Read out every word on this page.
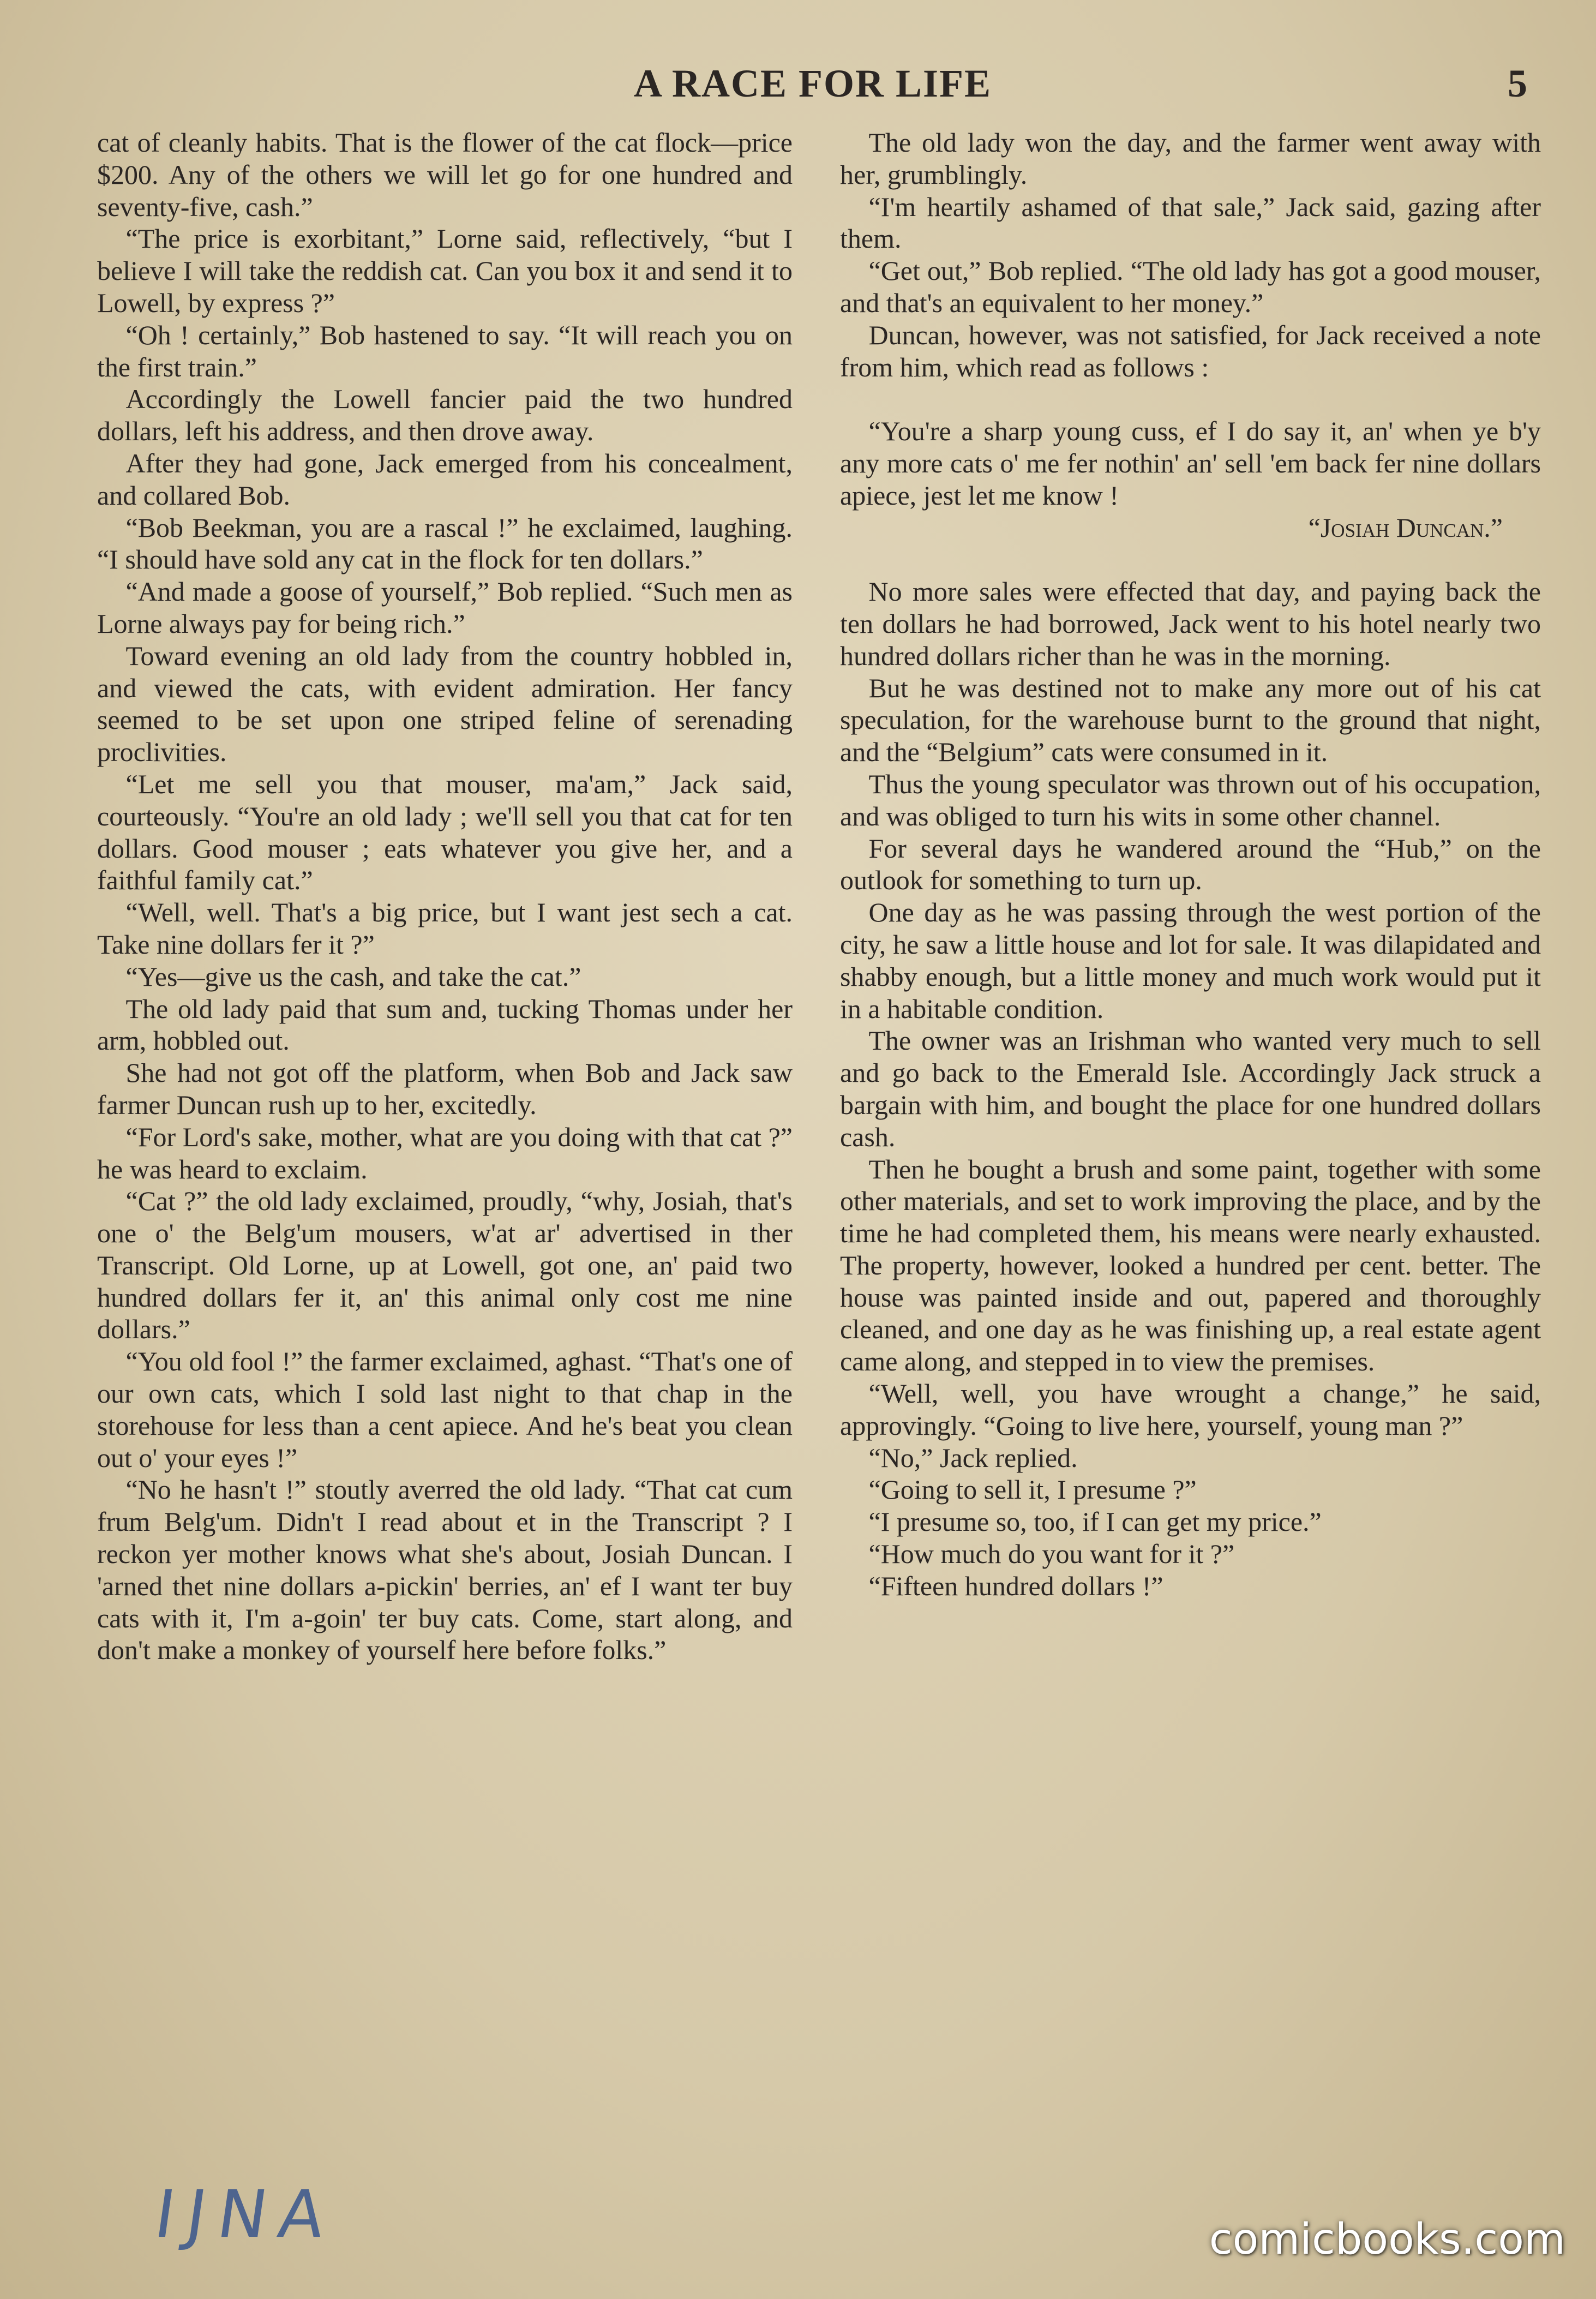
A RACE FOR LIFE	5

cat of cleanly habits. That is the flower of the cat flock—price $200. Any of the others we will let go for one hundred and seventy-five, cash.”

“The price is exorbitant,” Lorne said, reflectively, “but I believe I will take the reddish cat. Can you box it and send it to Lowell, by express ?”

“Oh ! certainly,” Bob hastened to say. “It will reach you on the first train.”

Accordingly the Lowell fancier paid the two hundred dollars, left his address, and then drove away.

After they had gone, Jack emerged from his concealment, and collared Bob.

“Bob Beekman, you are a rascal !” he exclaimed, laughing. “I should have sold any cat in the flock for ten dollars.”

“And made a goose of yourself,” Bob replied. “Such men as Lorne always pay for being rich.”

Toward evening an old lady from the country hobbled in, and viewed the cats, with evident admiration. Her fancy seemed to be set upon one striped feline of serenading proclivities.

“Let me sell you that mouser, ma'am,” Jack said, courteously. “You're an old lady ; we'll sell you that cat for ten dollars. Good mouser ; eats whatever you give her, and a faithful family cat.”

“Well, well. That's a big price, but I want jest sech a cat. Take nine dollars fer it ?”

“Yes—give us the cash, and take the cat.”

The old lady paid that sum and, tucking Thomas under her arm, hobbled out.

She had not got off the platform, when Bob and Jack saw farmer Duncan rush up to her, excitedly.

“For Lord's sake, mother, what are you doing with that cat ?” he was heard to exclaim.

“Cat ?” the old lady exclaimed, proudly, “why, Josiah, that's one o' the Belg'um mousers, w'at ar' advertised in ther Transcript. Old Lorne, up at Lowell, got one, an' paid two hundred dollars fer it, an' this animal only cost me nine dollars.”

“You old fool !” the farmer exclaimed, aghast. “That's one of our own cats, which I sold last night to that chap in the storehouse for less than a cent apiece. And he's beat you clean out o' your eyes !”

“No he hasn't !” stoutly averred the old lady. “That cat cum frum Belg'um. Didn't I read about et in the Transcript ? I reckon yer mother knows what she's about, Josiah Duncan. I 'arned thet nine dollars a-pickin' berries, an' ef I want ter buy cats with it, I'm a-goin' ter buy cats. Come, start along, and don't make a monkey of yourself here before folks.”

The old lady won the day, and the farmer went away with her, grumblingly.

“I'm heartily ashamed of that sale,” Jack said, gazing after them.

“Get out,” Bob replied. “The old lady has got a good mouser, and that's an equivalent to her money.”

Duncan, however, was not satisfied, for Jack received a note from him, which read as follows :

“You're a sharp young cuss, ef I do say it, an' when ye b'y any more cats o' me fer nothin' an' sell 'em back fer nine dollars apiece, jest let me know !

“Josiah Duncan.”

No more sales were effected that day, and paying back the ten dollars he had borrowed, Jack went to his hotel nearly two hundred dollars richer than he was in the morning.

But he was destined not to make any more out of his cat speculation, for the warehouse burnt to the ground that night, and the “Belgium” cats were consumed in it.

Thus the young speculator was thrown out of his occupation, and was obliged to turn his wits in some other channel.

For several days he wandered around the “Hub,” on the outlook for something to turn up.

One day as he was passing through the west portion of the city, he saw a little house and lot for sale. It was dilapidated and shabby enough, but a little money and much work would put it in a habitable condition.

The owner was an Irishman who wanted very much to sell and go back to the Emerald Isle. Accordingly Jack struck a bargain with him, and bought the place for one hundred dollars cash.

Then he bought a brush and some paint, together with some other materials, and set to work improving the place, and by the time he had completed them, his means were nearly exhausted. The property, however, looked a hundred per cent. better. The house was painted inside and out, papered and thoroughly cleaned, and one day as he was finishing up, a real estate agent came along, and stepped in to view the premises.

“Well, well, you have wrought a change,” he said, approvingly. “Going to live here, yourself, young man ?”

“No,” Jack replied.

“Going to sell it, I presume ?”

“I presume so, too, if I can get my price.”

“How much do you want for it ?”

“Fifteen hundred dollars !”

IJNA	comicbooks.com
